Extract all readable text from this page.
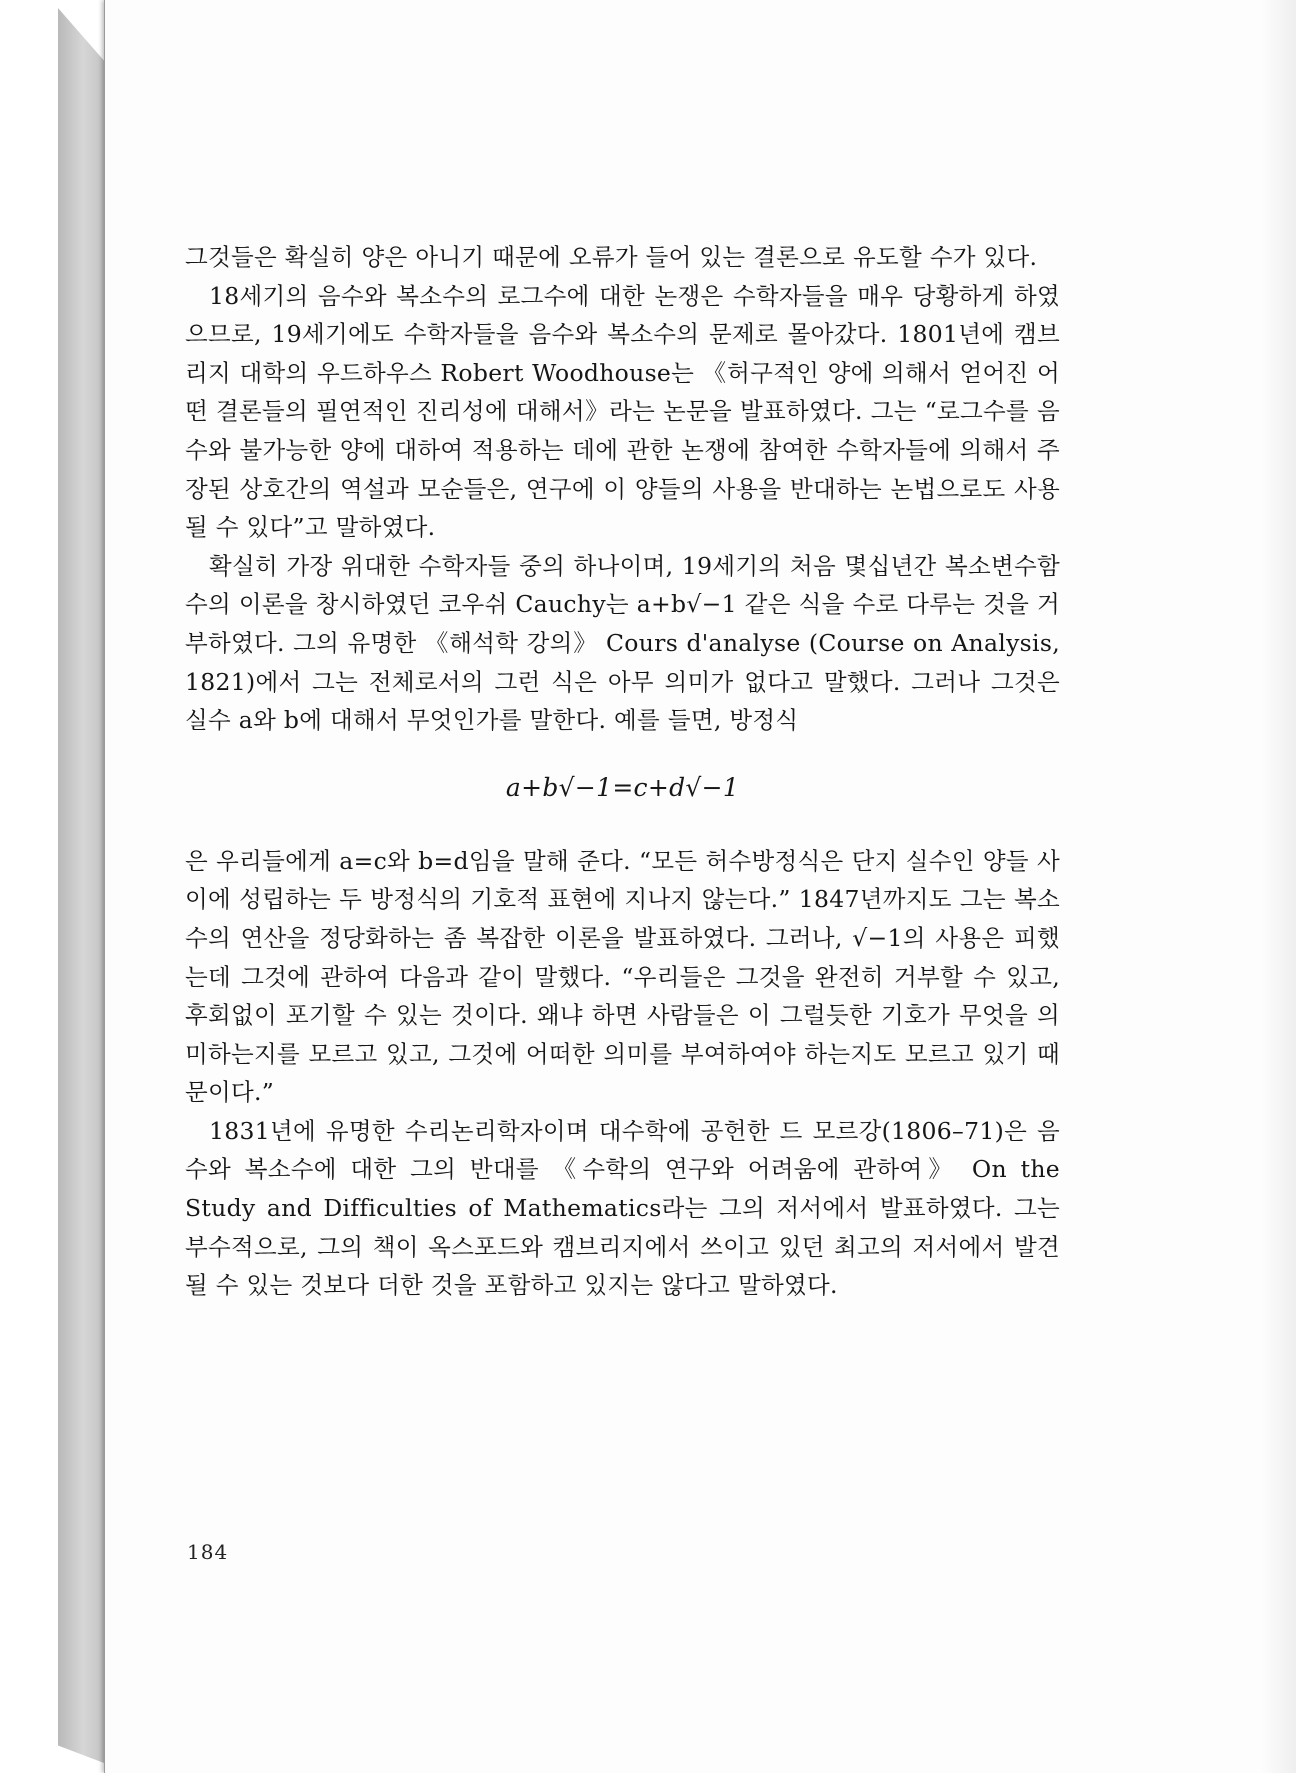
그것들은 확실히 양은 아니기 때문에 오류가 들어 있는 결론으로 유도할 수가 있다.

18세기의 음수와 복소수의 로그수에 대한 논쟁은 수학자들을 매우 당황하게 하였으므로, 19세기에도 수학자들을 음수와 복소수의 문제로 몰아갔다. 1801년에 캠브리지 대학의 우드하우스 Robert Woodhouse는 《허구적인 양에 의해서 얻어진 어떤 결론들의 필연적인 진리성에 대해서》라는 논문을 발표하였다. 그는 “로그수를 음수와 불가능한 양에 대하여 적용하는 데에 관한 논쟁에 참여한 수학자들에 의해서 주장된 상호간의 역설과 모순들은, 연구에 이 양들의 사용을 반대하는 논법으로도 사용될 수 있다”고 말하였다.

확실히 가장 위대한 수학자들 중의 하나이며, 19세기의 처음 몇십년간 복소변수함수의 이론을 창시하였던 코우쉬 Cauchy는 a+b√−1 같은 식을 수로 다루는 것을 거부하였다. 그의 유명한 《해석학 강의》 Cours d'analyse (Course on Analysis, 1821)에서 그는 전체로서의 그런 식은 아무 의미가 없다고 말했다. 그러나 그것은 실수 a와 b에 대해서 무엇인가를 말한다. 예를 들면, 방정식

a+b√−1=c+d√−1

은 우리들에게 a=c와 b=d임을 말해 준다. “모든 허수방정식은 단지 실수인 양들 사이에 성립하는 두 방정식의 기호적 표현에 지나지 않는다.” 1847년까지도 그는 복소수의 연산을 정당화하는 좀 복잡한 이론을 발표하였다. 그러나, √−1의 사용은 피했는데 그것에 관하여 다음과 같이 말했다. “우리들은 그것을 완전히 거부할 수 있고, 후회없이 포기할 수 있는 것이다. 왜냐 하면 사람들은 이 그럴듯한 기호가 무엇을 의미하는지를 모르고 있고, 그것에 어떠한 의미를 부여하여야 하는지도 모르고 있기 때문이다.”

1831년에 유명한 수리논리학자이며 대수학에 공헌한 드 모르강(1806–71)은 음수와 복소수에 대한 그의 반대를 《수학의 연구와 어려움에 관하여》 On the Study and Difficulties of Mathematics라는 그의 저서에서 발표하였다. 그는 부수적으로, 그의 책이 옥스포드와 캠브리지에서 쓰이고 있던 최고의 저서에서 발견될 수 있는 것보다 더한 것을 포함하고 있지는 않다고 말하였다.

184
